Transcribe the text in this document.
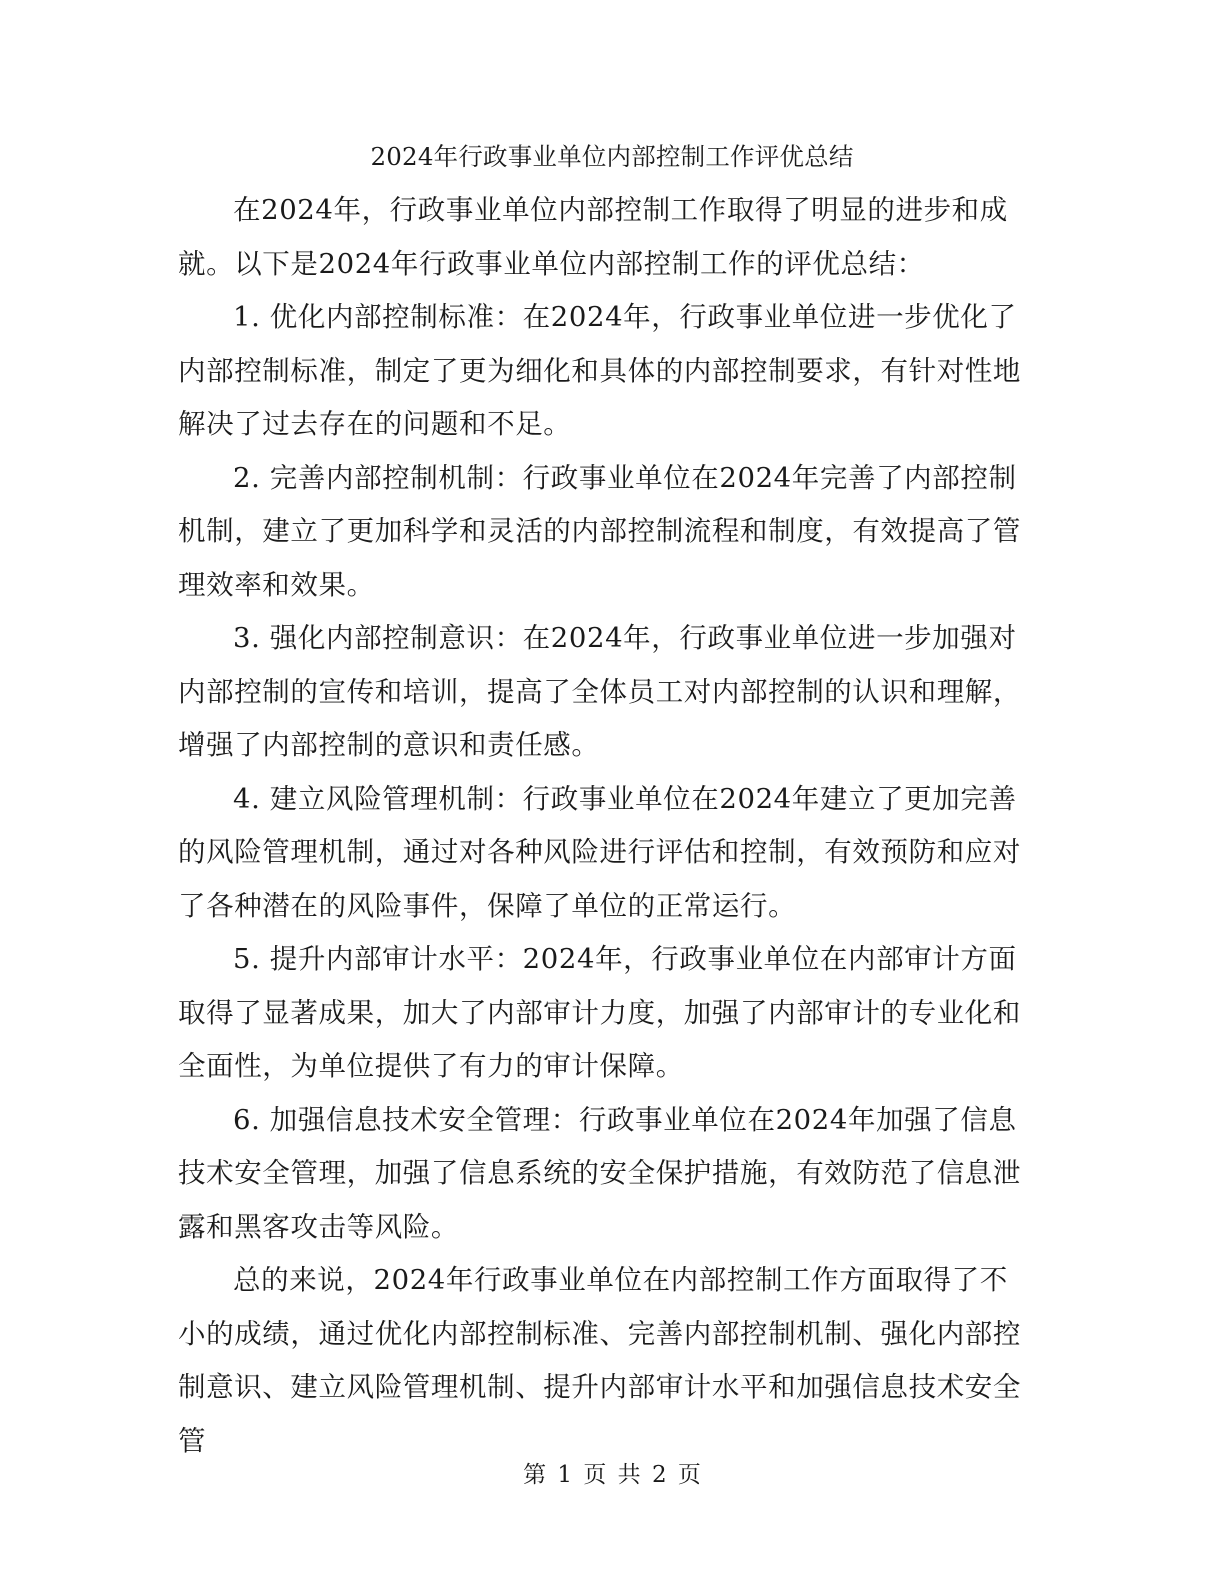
2024年行政事业单位内部控制工作评优总结

在2024年，行政事业单位内部控制工作取得了明显的进步和成就。以下是2024年行政事业单位内部控制工作的评优总结：

1. 优化内部控制标准：在2024年，行政事业单位进一步优化了内部控制标准，制定了更为细化和具体的内部控制要求，有针对性地解决了过去存在的问题和不足。

2. 完善内部控制机制：行政事业单位在2024年完善了内部控制机制，建立了更加科学和灵活的内部控制流程和制度，有效提高了管理效率和效果。

3. 强化内部控制意识：在2024年，行政事业单位进一步加强对内部控制的宣传和培训，提高了全体员工对内部控制的认识和理解，增强了内部控制的意识和责任感。

4. 建立风险管理机制：行政事业单位在2024年建立了更加完善的风险管理机制，通过对各种风险进行评估和控制，有效预防和应对了各种潜在的风险事件，保障了单位的正常运行。

5. 提升内部审计水平：2024年，行政事业单位在内部审计方面取得了显著成果，加大了内部审计力度，加强了内部审计的专业化和全面性，为单位提供了有力的审计保障。

6. 加强信息技术安全管理：行政事业单位在2024年加强了信息技术安全管理，加强了信息系统的安全保护措施，有效防范了信息泄露和黑客攻击等风险。

总的来说，2024年行政事业单位在内部控制工作方面取得了不小的成绩，通过优化内部控制标准、完善内部控制机制、强化内部控制意识、建立风险管理机制、提升内部审计水平和加强信息技术安全管

第 1 页 共 2 页
